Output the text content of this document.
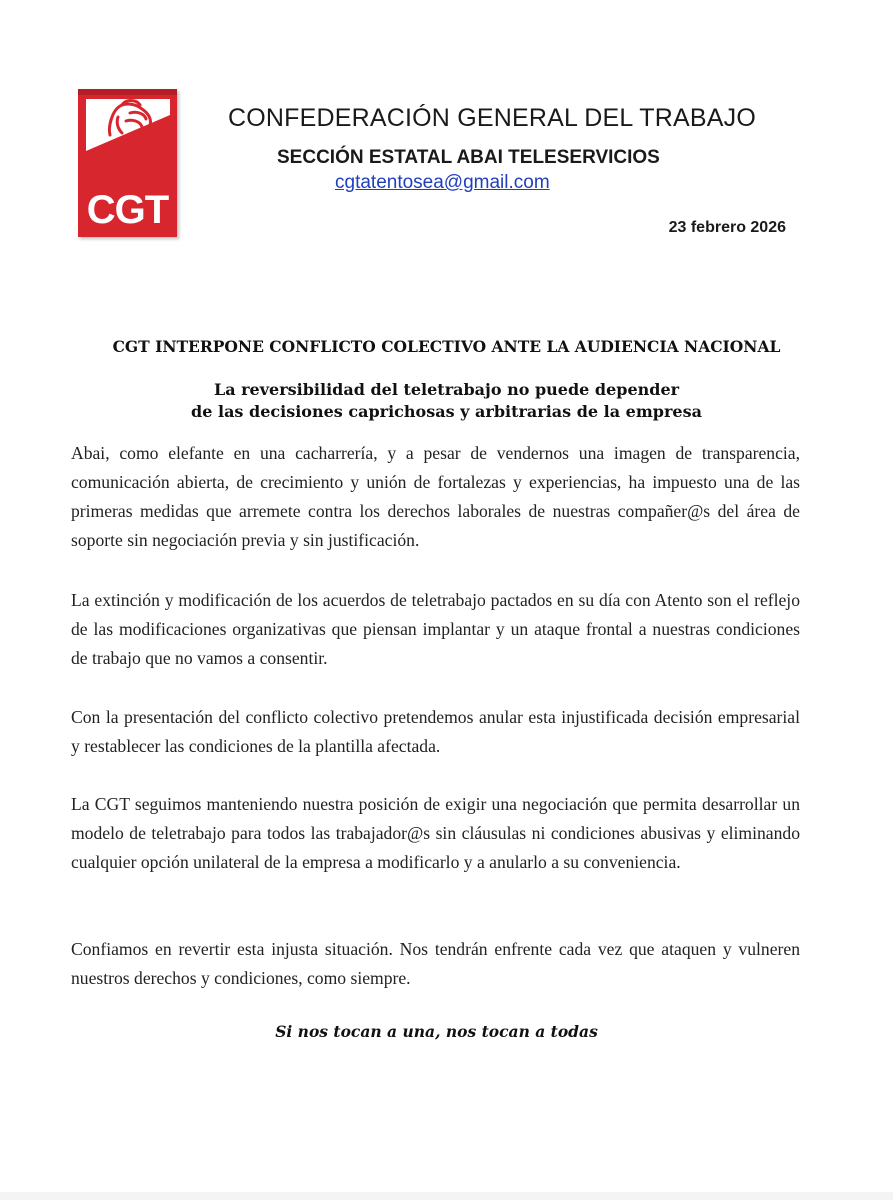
CGT
CONFEDERACIÓN GENERAL DEL TRABAJO
SECCIÓN ESTATAL ABAI TELESERVICIOS
cgtatentosea@gmail.com
23 febrero 2026
CGT INTERPONE CONFLICTO COLECTIVO ANTE LA AUDIENCIA NACIONAL
La reversibilidad del teletrabajo no puede depender
de las decisiones caprichosas y arbitrarias de la empresa

Abai, como elefante en una cacharrería, y a pesar de vendernos una imagen de transparencia, comunicación abierta, de crecimiento y unión de fortalezas y experiencias, ha impuesto una de las primeras medidas que arremete contra los derechos laborales de nuestras compañer@s del área de soporte sin negociación previa y sin justificación.

La extinción y modificación de los acuerdos de teletrabajo pactados en su día con Atento son el reflejo de las modificaciones organizativas que piensan implantar y un ataque frontal a nuestras condiciones de trabajo que no vamos a consentir.

Con la presentación del conflicto colectivo pretendemos anular esta injustificada decisión empresarial y restablecer las condiciones de la plantilla afectada.

La CGT seguimos manteniendo nuestra posición de exigir una negociación que permita desarrollar un modelo de teletrabajo para todos las trabajador@s sin cláusulas ni condiciones abusivas y eliminando cualquier opción unilateral de la empresa a modificarlo y a anularlo a su conveniencia.

Confiamos en revertir esta injusta situación. Nos tendrán enfrente cada vez que ataquen y vulneren nuestros derechos y condiciones, como siempre.

Si nos tocan a una, nos tocan a todas
